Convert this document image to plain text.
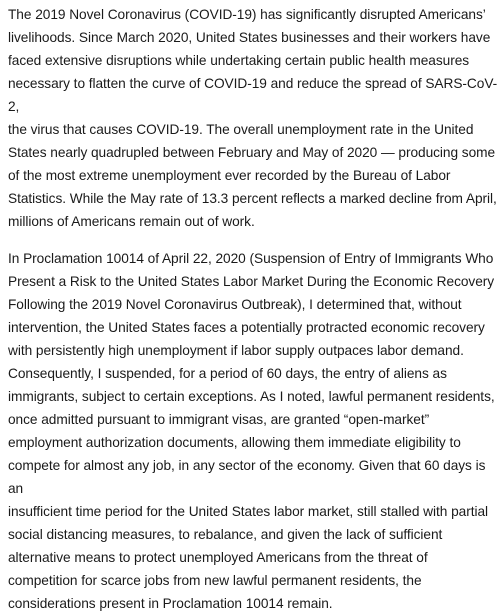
The 2019 Novel Coronavirus (COVID-19) has significantly disrupted Americans’
livelihoods. Since March 2020, United States businesses and their workers have
faced extensive disruptions while undertaking certain public health measures
necessary to flatten the curve of COVID-19 and reduce the spread of SARS-CoV-2,
the virus that causes COVID-19. The overall unemployment rate in the United
States nearly quadrupled between February and May of 2020 — producing some
of the most extreme unemployment ever recorded by the Bureau of Labor
Statistics. While the May rate of 13.3 percent reflects a marked decline from April,
millions of Americans remain out of work.

In Proclamation 10014 of April 22, 2020 (Suspension of Entry of Immigrants Who
Present a Risk to the United States Labor Market During the Economic Recovery
Following the 2019 Novel Coronavirus Outbreak), I determined that, without
intervention, the United States faces a potentially protracted economic recovery
with persistently high unemployment if labor supply outpaces labor demand.
Consequently, I suspended, for a period of 60 days, the entry of aliens as
immigrants, subject to certain exceptions. As I noted, lawful permanent residents,
once admitted pursuant to immigrant visas, are granted “open-market”
employment authorization documents, allowing them immediate eligibility to
compete for almost any job, in any sector of the economy. Given that 60 days is an
insufficient time period for the United States labor market, still stalled with partial
social distancing measures, to rebalance, and given the lack of sufficient
alternative means to protect unemployed Americans from the threat of
competition for scarce jobs from new lawful permanent residents, the
considerations present in Proclamation 10014 remain.
